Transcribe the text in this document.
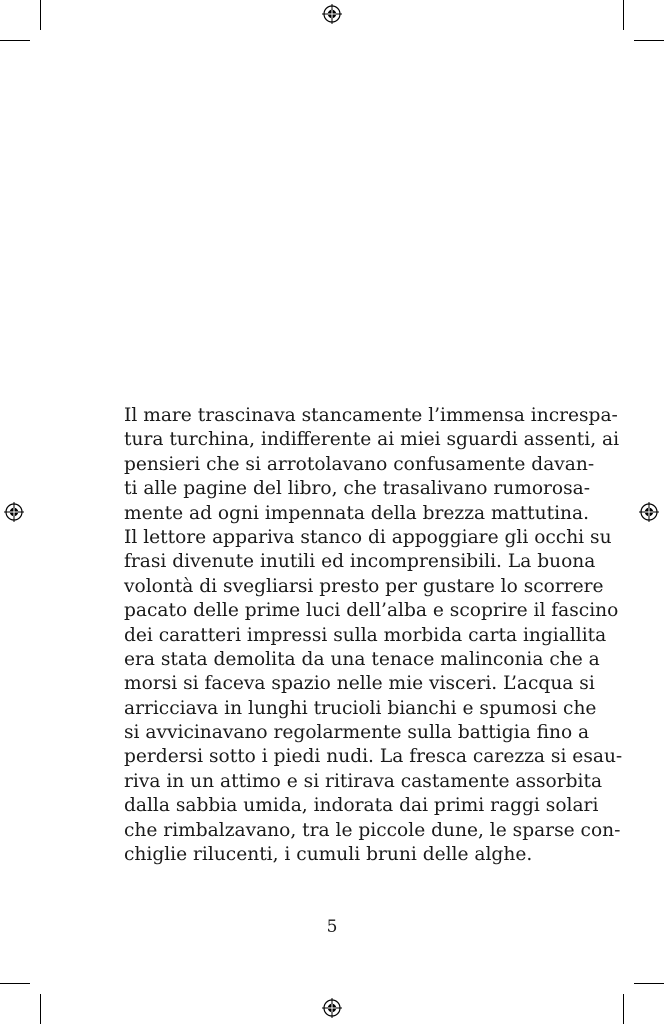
Il mare trascinava stancamente l’immensa increspa-
tura turchina, indifferente ai miei sguardi assenti, ai
pensieri che si arrotolavano confusamente davan-
ti alle pagine del libro, che trasalivano rumorosa-
mente ad ogni impennata della brezza mattutina.
Il lettore appariva stanco di appoggiare gli occhi su
frasi divenute inutili ed incomprensibili. La buona
volontà di svegliarsi presto per gustare lo scorrere
pacato delle prime luci dell’alba e scoprire il fascino
dei caratteri impressi sulla morbida carta ingiallita
era stata demolita da una tenace malinconia che a
morsi si faceva spazio nelle mie visceri. L’acqua si
arricciava in lunghi trucioli bianchi e spumosi che
si avvicinavano regolarmente sulla battigia fino a
perdersi sotto i piedi nudi. La fresca carezza si esau-
riva in un attimo e si ritirava castamente assorbita
dalla sabbia umida, indorata dai primi raggi solari
che rimbalzavano, tra le piccole dune, le sparse con-
chiglie rilucenti, i cumuli bruni delle alghe.
5
